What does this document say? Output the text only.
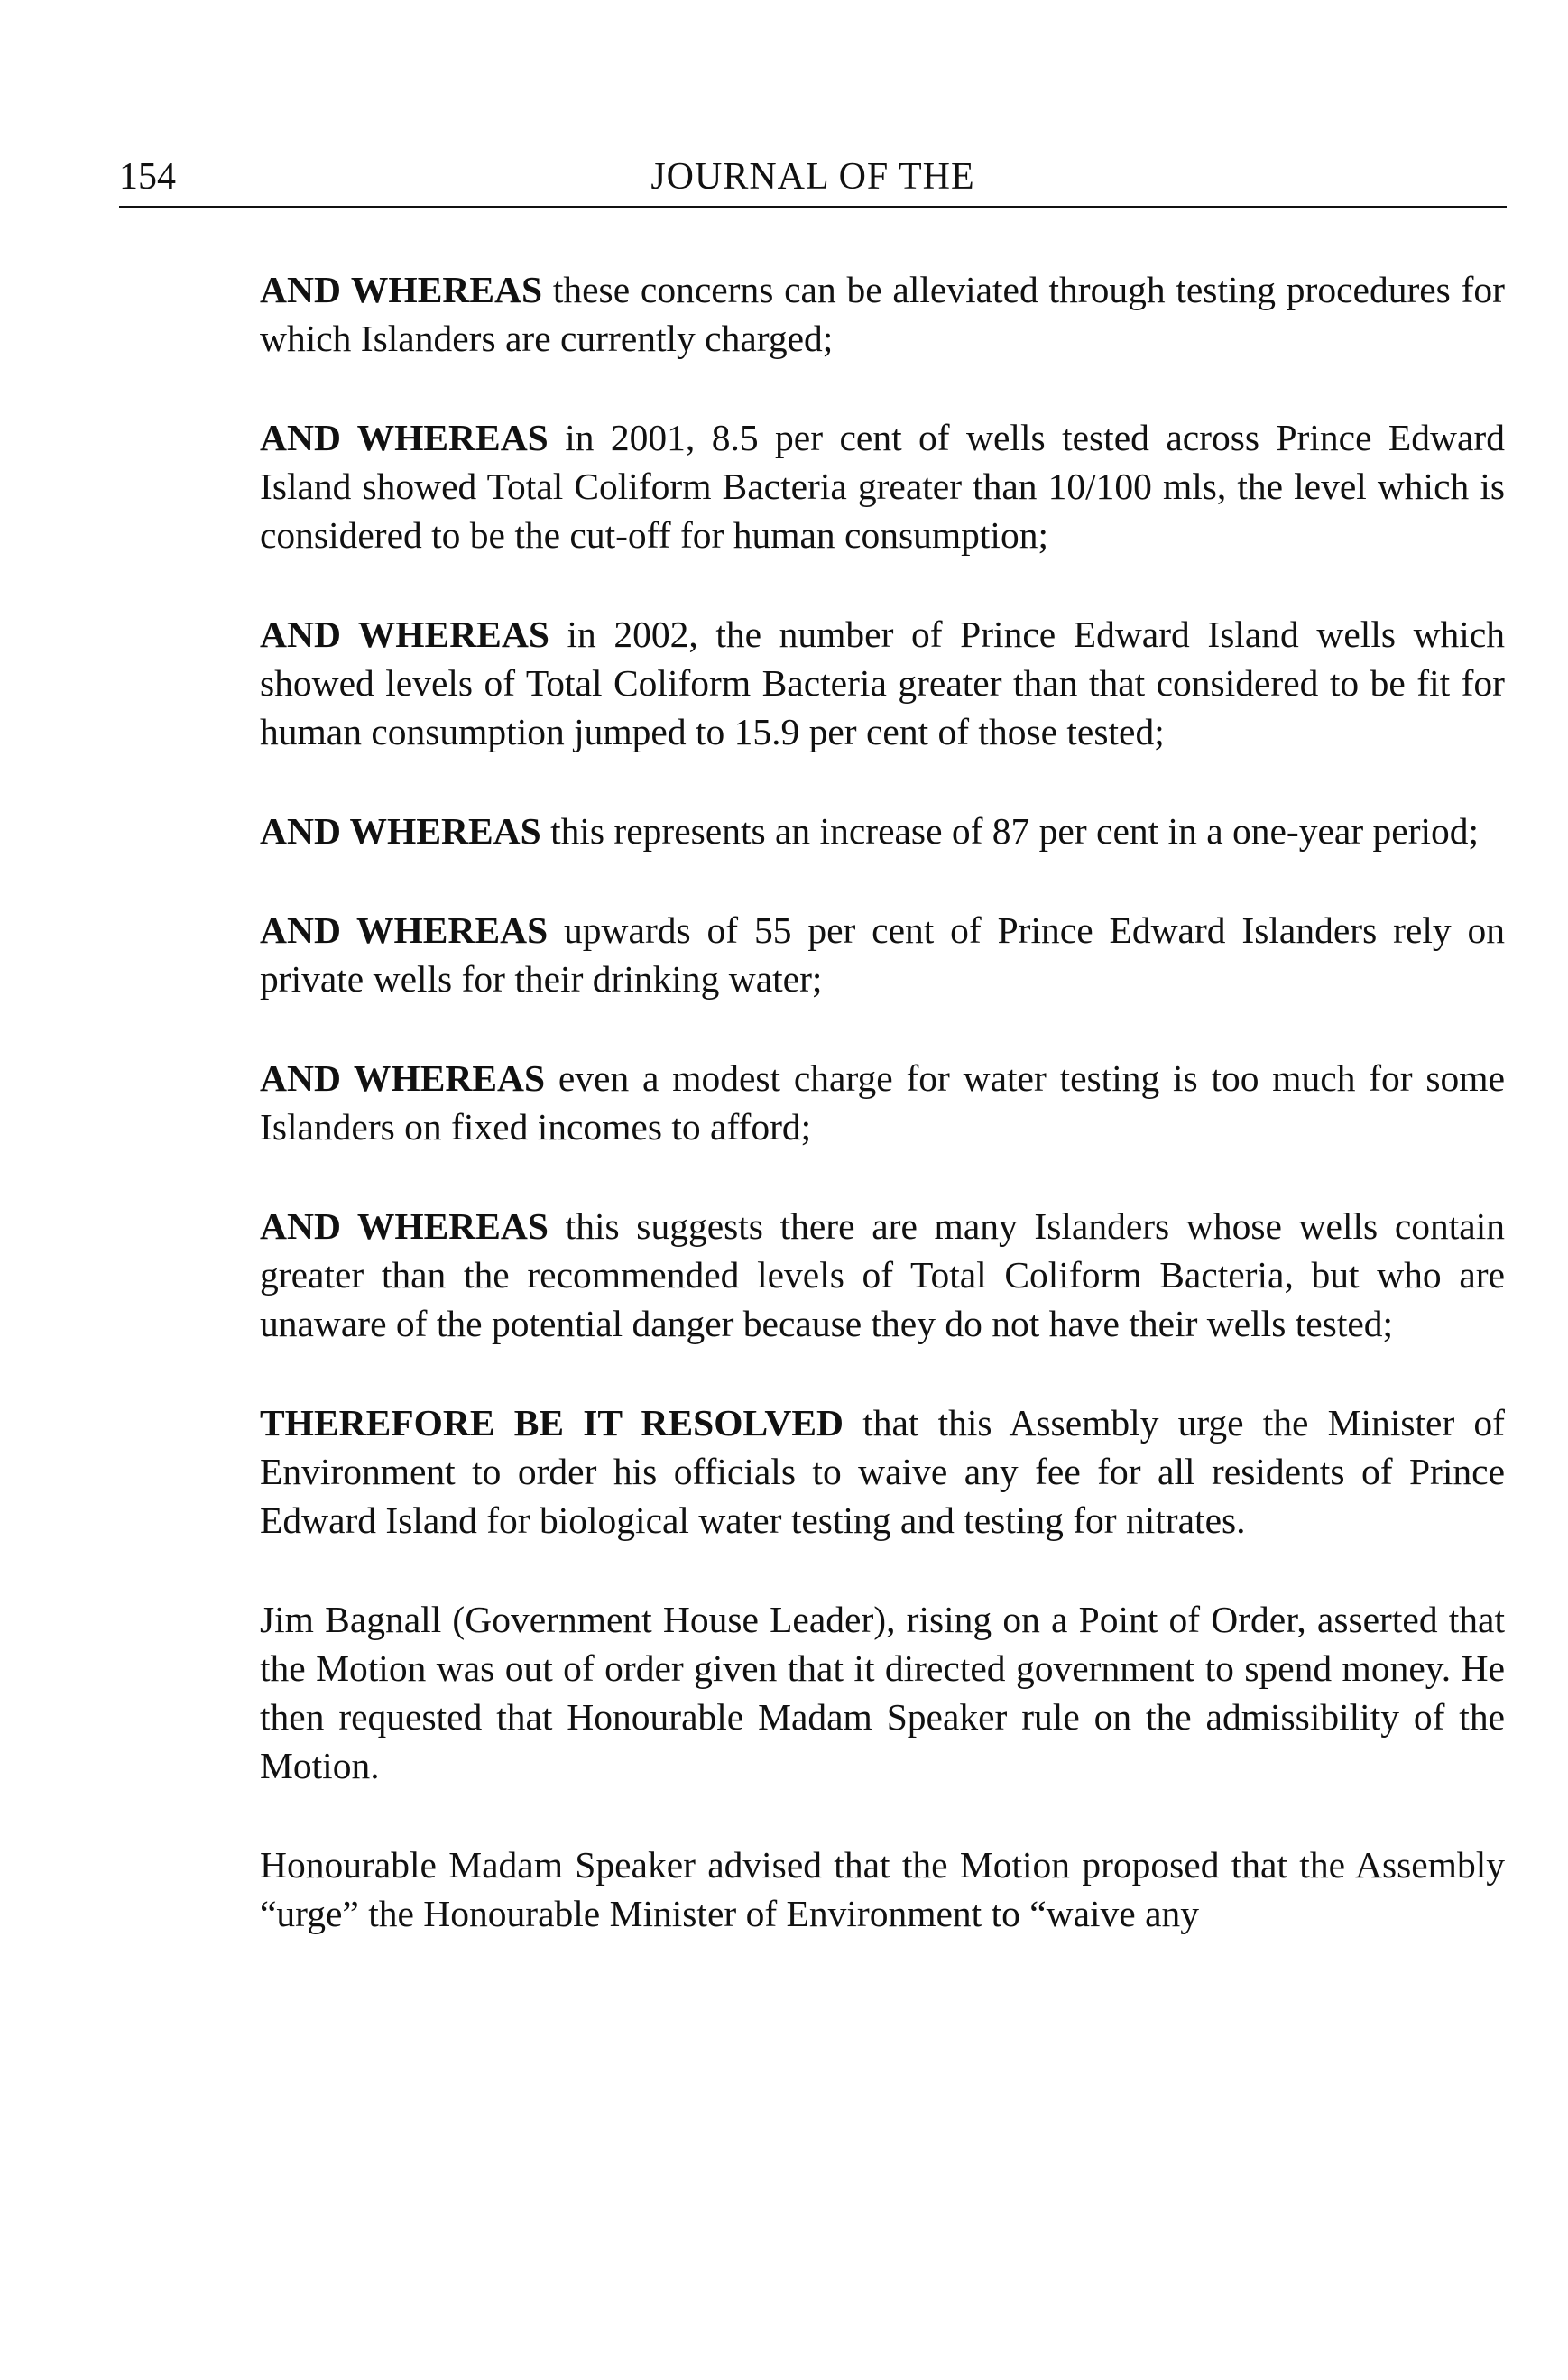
154	JOURNAL OF THE

AND WHEREAS these concerns can be alleviated through testing procedures for which Islanders are currently charged;

AND WHEREAS in 2001, 8.5 per cent of wells tested across Prince Edward Island showed Total Coliform Bacteria greater than 10/100 mls, the level which is considered to be the cut-off for human consumption;

AND WHEREAS in 2002, the number of Prince Edward Island wells which showed levels of Total Coliform Bacteria greater than that considered to be fit for human consumption jumped to 15.9 per cent of those tested;

AND WHEREAS this represents an increase of 87 per cent in a one-year period;

AND WHEREAS upwards of 55 per cent of Prince Edward Islanders rely on private wells for their drinking water;

AND WHEREAS even a modest charge for water testing is too much for some Islanders on fixed incomes to afford;

AND WHEREAS this suggests there are many Islanders whose wells contain greater than the recommended levels of Total Coliform Bacteria, but who are unaware of the potential danger because they do not have their wells tested;

THEREFORE BE IT RESOLVED that this Assembly urge the Minister of Environment to order his officials to waive any fee for all residents of Prince Edward Island for biological water testing and testing for nitrates.

Jim Bagnall (Government House Leader), rising on a Point of Order, asserted that the Motion was out of order given that it directed government to spend money. He then requested that Honourable Madam Speaker rule on the admissibility of the Motion.

Honourable Madam Speaker advised that the Motion proposed that the Assembly “urge” the Honourable Minister of Environment to “waive any
